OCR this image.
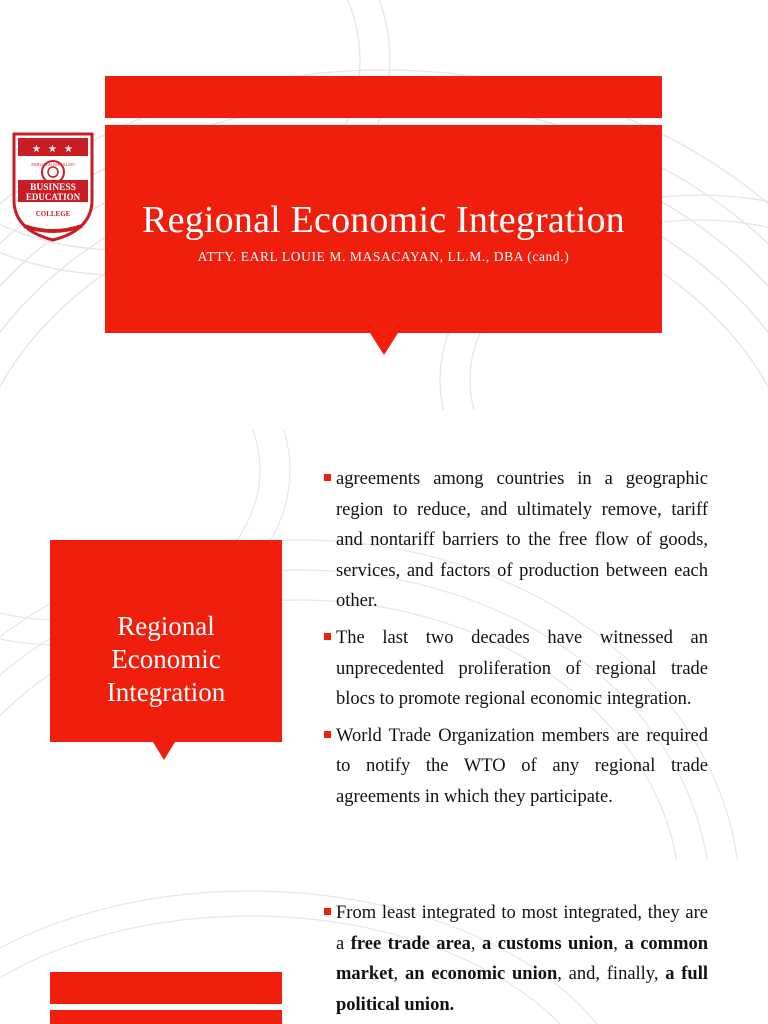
Regional Economic Integration
ATTY. EARL LOUIE M. MASACAYAN, LL.M., DBA (cand.)
★ ★ ★
BUSINESS
EDUCATION
COLLEGE
EMILIO AGUINALDO
Regional
Economic
Integration
agreements among countries in a geographic region to reduce, and ultimately remove, tariff and nontariff barriers to the free flow of goods, services, and factors of production between each other.
The last two decades have witnessed an unprecedented proliferation of regional trade blocs to promote regional economic integration.
World Trade Organization members are required to notify the WTO of any regional trade agreements in which they participate.
From least integrated to most integrated, they are a free trade area, a customs union, a common market, an economic union, and, finally, a full political union.
